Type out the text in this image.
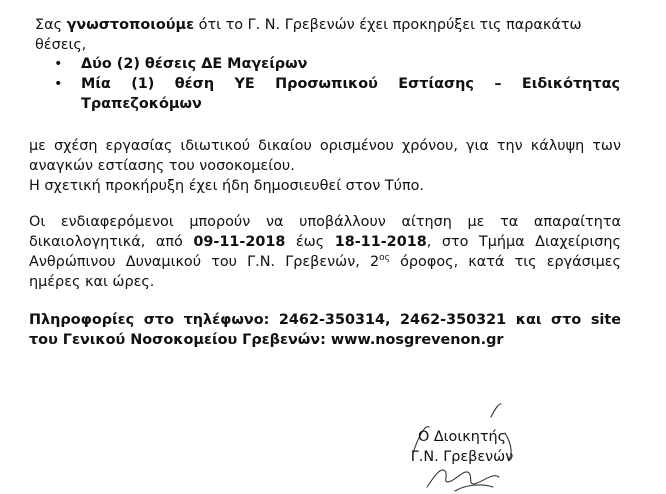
Σας γνωστοποιούμε ότι το Γ. Ν. Γρεβενών έχει προκηρύξει τις παρακάτω θέσεις,

• Δύο (2) θέσεις ΔΕ Μαγείρων
• Μία (1) θέση ΥΕ Προσωπικού Εστίασης – Ειδικότητας Τραπεζοκόμων

με σχέση εργασίας ιδιωτικού δικαίου ορισμένου χρόνου, για την κάλυψη των αναγκών εστίασης του νοσοκομείου.

Η σχετική προκήρυξη έχει ήδη δημοσιευθεί στον Τύπο.

Οι ενδιαφερόμενοι μπορούν να υποβάλλουν αίτηση με τα απαραίτητα δικαιολογητικά, από 09-11-2018 έως 18-11-2018, στο Τμήμα Διαχείρισης Ανθρώπινου Δυναμικού του Γ.Ν. Γρεβενών, $2^{o\varsigma}$ όροφος, κατά τις εργάσιμες ημέρες και ώρες.

Πληροφορίες στο τηλέφωνο: 2462-350314, 2462-350321 και στο site του Γενικού Νοσοκομείου Γρεβενών: www.nosgrevenon.gr

Ο Διοικητής
Γ.Ν. Γρεβενών
